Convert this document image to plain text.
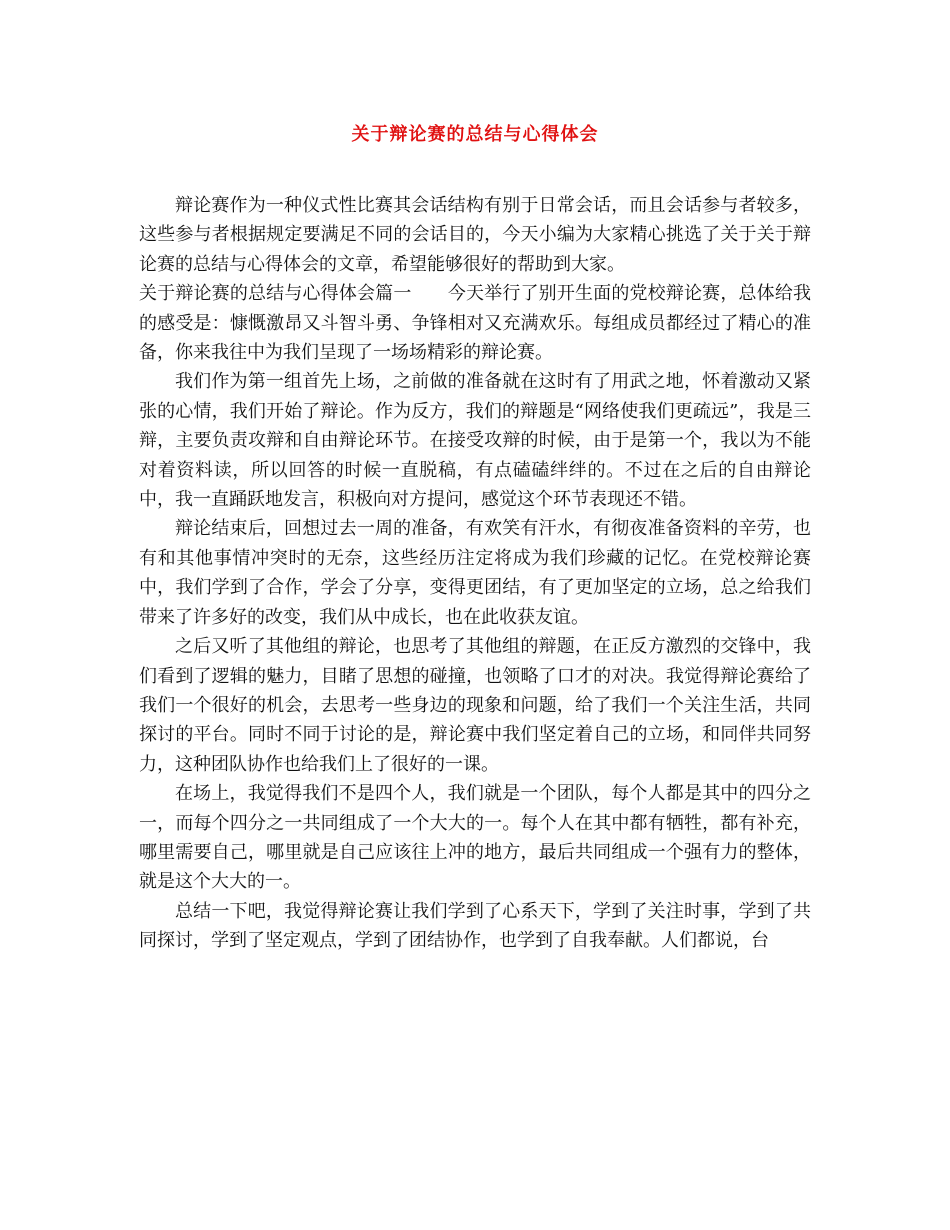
关于辩论赛的总结与心得体会

辩论赛作为一种仪式性比赛其会话结构有别于日常会话，而且会话参与者较多，这些参与者根据规定要满足不同的会话目的，今天小编为大家精心挑选了关于关于辩论赛的总结与心得体会的文章，希望能够很好的帮助到大家。

关于辩论赛的总结与心得体会篇一　　今天举行了别开生面的党校辩论赛，总体给我的感受是：慷慨激昂又斗智斗勇、争锋相对又充满欢乐。每组成员都经过了精心的准备，你来我往中为我们呈现了一场场精彩的辩论赛。

我们作为第一组首先上场，之前做的准备就在这时有了用武之地，怀着激动又紧张的心情，我们开始了辩论。作为反方，我们的辩题是“网络使我们更疏远”，我是三辩，主要负责攻辩和自由辩论环节。在接受攻辩的时候，由于是第一个，我以为不能对着资料读，所以回答的时候一直脱稿，有点磕磕绊绊的。不过在之后的自由辩论中，我一直踊跃地发言，积极向对方提问，感觉这个环节表现还不错。

辩论结束后，回想过去一周的准备，有欢笑有汗水，有彻夜准备资料的辛劳，也有和其他事情冲突时的无奈，这些经历注定将成为我们珍藏的记忆。在党校辩论赛中，我们学到了合作，学会了分享，变得更团结，有了更加坚定的立场，总之给我们带来了许多好的改变，我们从中成长，也在此收获友谊。

之后又听了其他组的辩论，也思考了其他组的辩题，在正反方激烈的交锋中，我们看到了逻辑的魅力，目睹了思想的碰撞，也领略了口才的对决。我觉得辩论赛给了我们一个很好的机会，去思考一些身边的现象和问题，给了我们一个关注生活，共同探讨的平台。同时不同于讨论的是，辩论赛中我们坚定着自己的立场，和同伴共同努力，这种团队协作也给我们上了很好的一课。

在场上，我觉得我们不是四个人，我们就是一个团队，每个人都是其中的四分之一，而每个四分之一共同组成了一个大大的一。每个人在其中都有牺牲，都有补充，哪里需要自己，哪里就是自己应该往上冲的地方，最后共同组成一个强有力的整体，就是这个大大的一。

总结一下吧，我觉得辩论赛让我们学到了心系天下，学到了关注时事，学到了共同探讨，学到了坚定观点，学到了团结协作，也学到了自我奉献。人们都说，台
